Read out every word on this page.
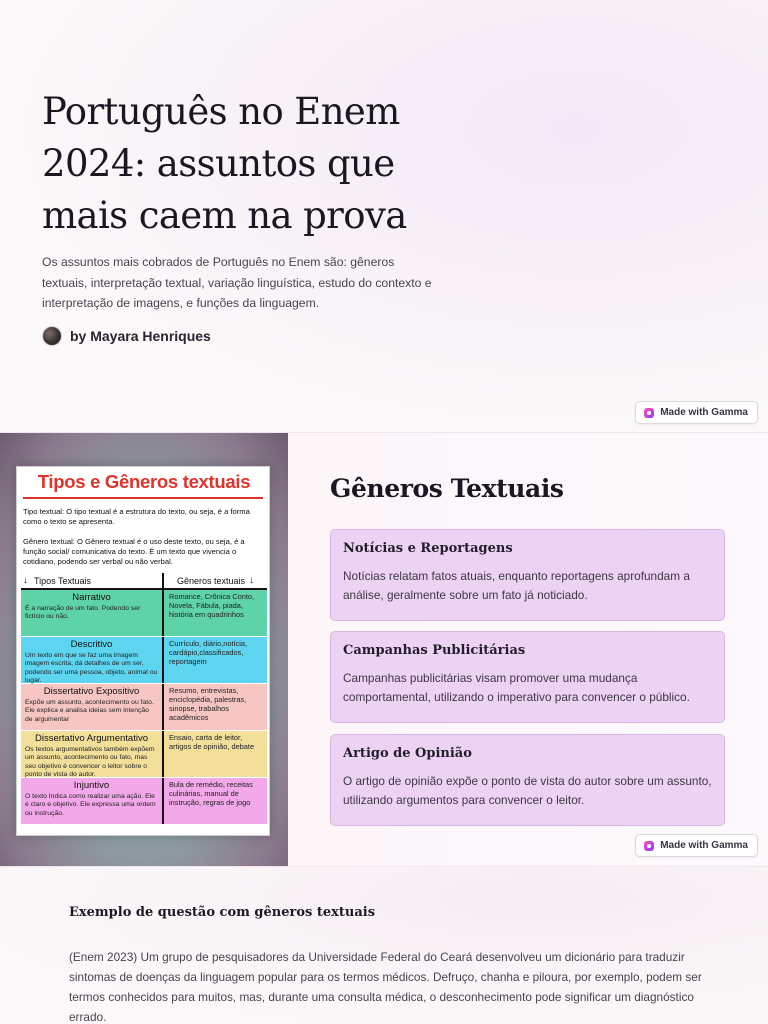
Português no Enem 2024: assuntos que mais caem na prova

Os assuntos mais cobrados de Português no Enem são: gêneros textuais, interpretação textual, variação linguística, estudo do contexto e interpretação de imagens, e funções da linguagem.

by Mayara Henriques
Made with Gamma
Tipos e Gêneros textuais
Tipo textual: O tipo textual é a estrutura do texto, ou seja, é a forma como o texto se apresenta.
Gênero textual: O Gênero textual é o uso deste texto, ou seja, é a função social/ comunicativa do texto. É um texto que vivencia o cotidiano, podendo ser verbal ou não verbal.
↓ Tipos Textuais	Gêneros textuais ↓
Narrativo
É a narração de um fato. Podendo ser fictício ou não.
Romance, Crônica Conto, Novela, Fábula, piada, história em quadrinhos
Descritivo
Um texto em que se faz uma imagem imagem escrita, dá detalhes de um ser, podendo ser uma pessoa, objeto, animal ou lugar.
Currículo, diário,notícia, cardápio,classificados, reportagem
Dissertativo Expositivo
Expõe um assunto, acontecimento ou fato. Ele explica e analisa ideias sem intenção de argumentar
Resumo, entrevistas, enciclopédia, palestras, sinopse, trabalhos acadêmicos
Dissertativo Argumentativo
Os textos argumentativos também expõem um assunto, acontecimento ou fato, mas seu objetivo é convencer o leitor sobre o ponto de vista do autor.
Ensaio, carta de leitor, artigos de opinião, debate
Injuntivo
O texto Indica como realizar uma ação. Ele é claro e objetivo. Ele expressa uma ordem ou instrução.
Bula de remédio, receitas culinárias, manual de instrução, regras de jogo
Gêneros Textuais
Notícias e Reportagens
Notícias relatam fatos atuais, enquanto reportagens aprofundam a análise, geralmente sobre um fato já noticiado.
Campanhas Publicitárias
Campanhas publicitárias visam promover uma mudança comportamental, utilizando o imperativo para convencer o público.
Artigo de Opinião
O artigo de opinião expõe o ponto de vista do autor sobre um assunto, utilizando argumentos para convencer o leitor.
Made with Gamma
Exemplo de questão com gêneros textuais

(Enem 2023) Um grupo de pesquisadores da Universidade Federal do Ceará desenvolveu um dicionário para traduzir sintomas de doenças da linguagem popular para os termos médicos. Defruço, chanha e piloura, por exemplo, podem ser termos conhecidos para muitos, mas, durante uma consulta médica, o desconhecimento pode significar um diagnóstico errado.
